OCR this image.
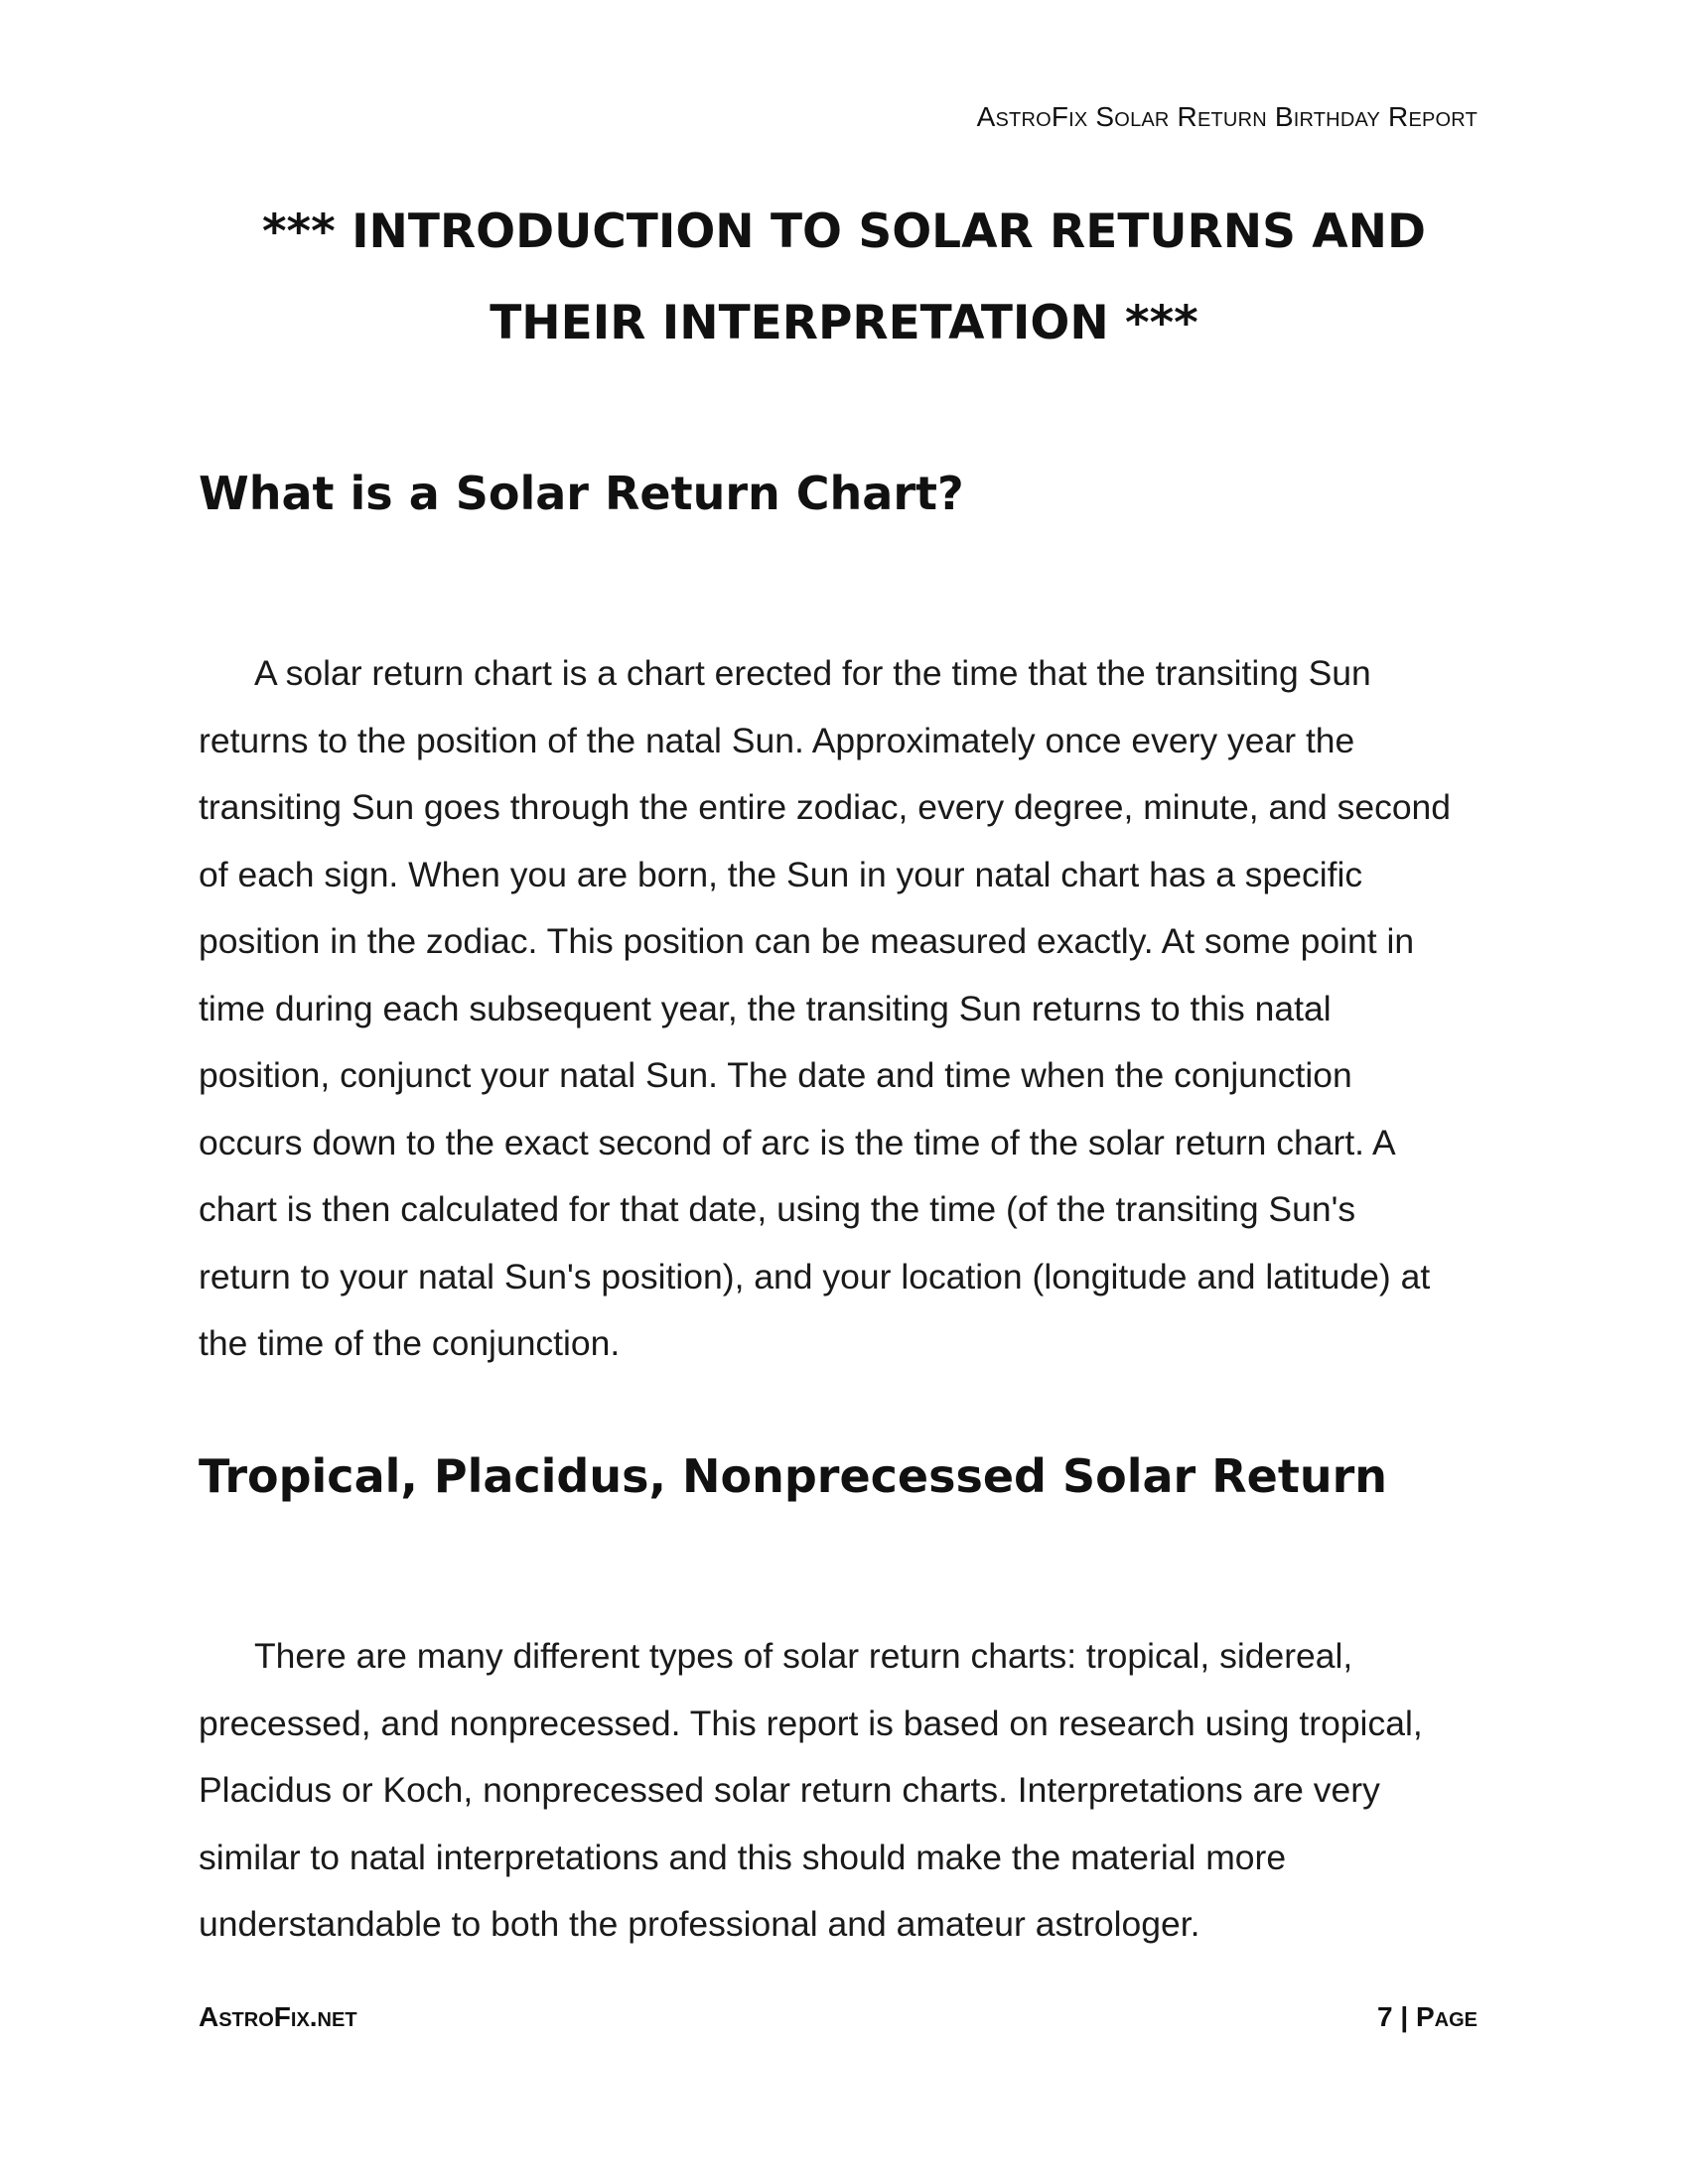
AstroFix Solar Return Birthday Report
*** INTRODUCTION TO SOLAR RETURNS AND
THEIR INTERPRETATION ***
What is a Solar Return Chart?

A solar return chart is a chart erected for the time that the transiting Sun
returns to the position of the natal Sun. Approximately once every year the
transiting Sun goes through the entire zodiac, every degree, minute, and second
of each sign. When you are born, the Sun in your natal chart has a specific
position in the zodiac. This position can be measured exactly. At some point in
time during each subsequent year, the transiting Sun returns to this natal
position, conjunct your natal Sun. The date and time when the conjunction
occurs down to the exact second of arc is the time of the solar return chart. A
chart is then calculated for that date, using the time (of the transiting Sun's
return to your natal Sun's position), and your location (longitude and latitude) at
the time of the conjunction.

Tropical, Placidus, Nonprecessed Solar Return

There are many different types of solar return charts: tropical, sidereal,
precessed, and nonprecessed. This report is based on research using tropical,
Placidus or Koch, nonprecessed solar return charts. Interpretations are very
similar to natal interpretations and this should make the material more
understandable to both the professional and amateur astrologer.

AstroFix.net	7 | Page
